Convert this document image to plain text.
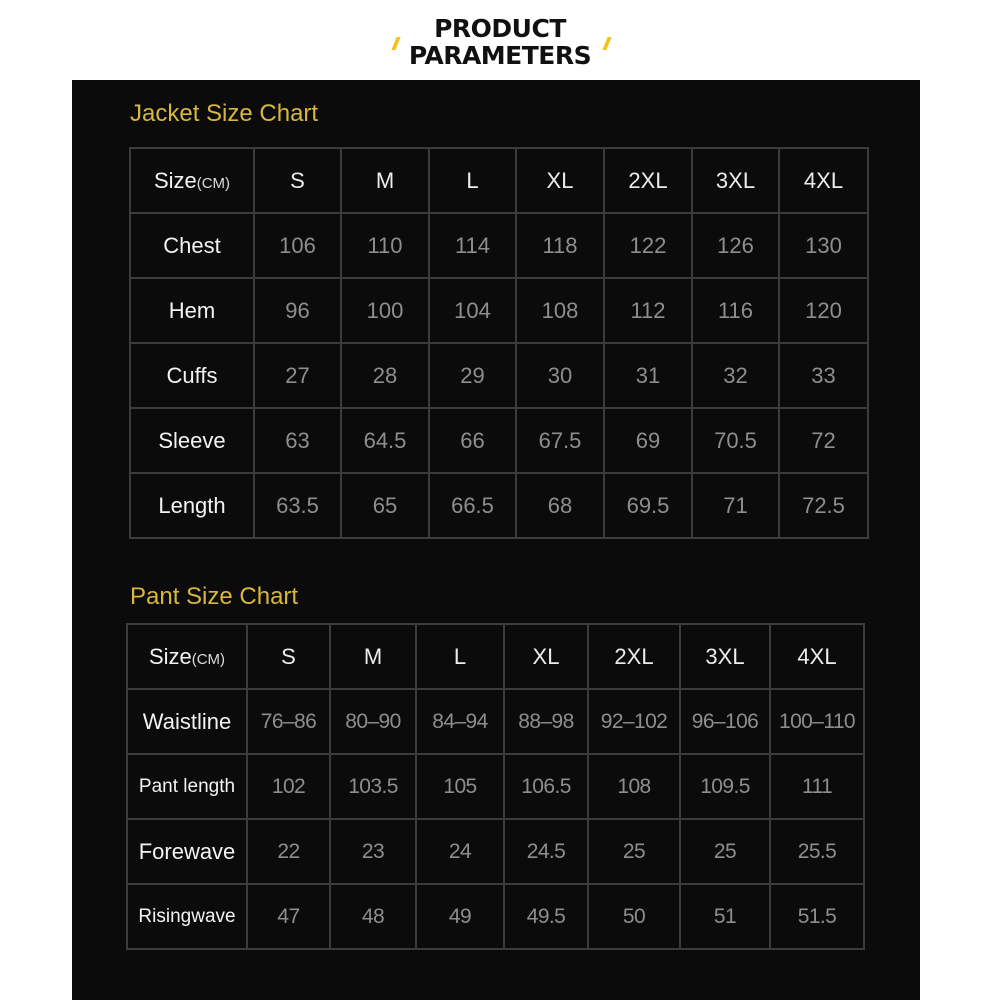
PRODUCT
PARAMETERS
Jacket Size Chart
Size(CM)	S	M	L	XL	2XL	3XL	4XL
Chest	106	110	114	118	122	126	130
Hem	96	100	104	108	112	116	120
Cuffs	27	28	29	30	31	32	33
Sleeve	63	64.5	66	67.5	69	70.5	72
Length	63.5	65	66.5	68	69.5	71	72.5
Pant Size Chart
Size(CM)	S	M	L	XL	2XL	3XL	4XL
Waistline	76–86	80–90	84–94	88–98	92–102	96–106	100–110
Pant length	102	103.5	105	106.5	108	109.5	111
Forewave	22	23	24	24.5	25	25	25.5
Risingwave	47	48	49	49.5	50	51	51.5
